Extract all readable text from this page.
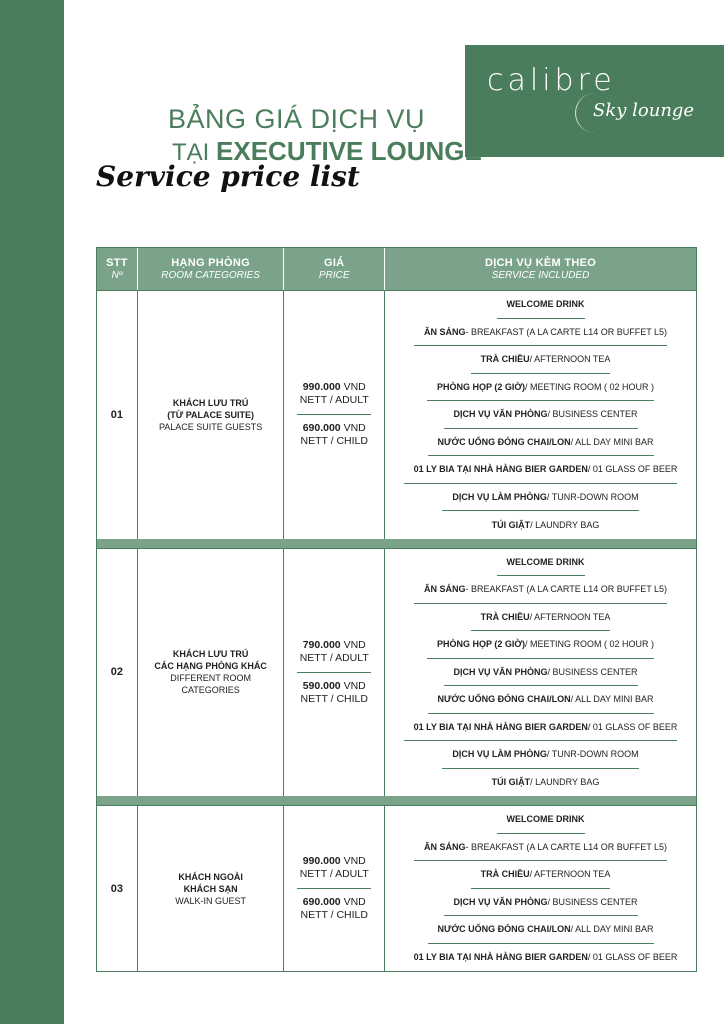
calibre
Sky lounge
BẢNG GIÁ DỊCH VỤ
TẠI EXECUTIVE LOUNGE
Service price list
STT
Nº
HẠNG PHÒNG
ROOM CATEGORIES
GIÁ
PRICE
DỊCH VỤ KÈM THEO
SERVICE INCLUDED
01
KHÁCH LƯU TRÚ
(TỪ PALACE SUITE)
PALACE SUITE GUESTS
990.000 VND
NETT / ADULT
690.000 VND
NETT / CHILD
WELCOME DRINK
ĂN SÁNG - BREAKFAST (A LA CARTE L14 OR BUFFET L5)
TRÀ CHIỀU / AFTERNOON TEA
PHÒNG HỌP (2 GIỜ) / MEETING ROOM ( 02 HOUR )
DỊCH VỤ VĂN PHÒNG / BUSINESS CENTER
NƯỚC UỐNG ĐÓNG CHAI/LON / ALL DAY MINI BAR
01 LY BIA TẠI NHÀ HÀNG BIER GARDEN / 01 GLASS OF BEER
DỊCH VỤ LÀM PHÒNG / TUNR-DOWN ROOM
TÚI GIẶT / LAUNDRY BAG
02
KHÁCH LƯU TRÚ
CÁC HẠNG PHÒNG KHÁC
DIFFERENT ROOM
CATEGORIES
790.000 VND
NETT / ADULT
590.000 VND
NETT / CHILD
WELCOME DRINK
ĂN SÁNG - BREAKFAST (A LA CARTE L14 OR BUFFET L5)
TRÀ CHIỀU / AFTERNOON TEA
PHÒNG HỌP (2 GIỜ) / MEETING ROOM ( 02 HOUR )
DỊCH VỤ VĂN PHÒNG / BUSINESS CENTER
NƯỚC UỐNG ĐÓNG CHAI/LON / ALL DAY MINI BAR
01 LY BIA TẠI NHÀ HÀNG BIER GARDEN / 01 GLASS OF BEER
DỊCH VỤ LÀM PHÒNG / TUNR-DOWN ROOM
TÚI GIẶT / LAUNDRY BAG
03
KHÁCH NGOÀI
KHÁCH SẠN
WALK-IN GUEST
990.000 VND
NETT / ADULT
690.000 VND
NETT / CHILD
WELCOME DRINK
ĂN SÁNG - BREAKFAST (A LA CARTE L14 OR BUFFET L5)
TRÀ CHIỀU / AFTERNOON TEA
DỊCH VỤ VĂN PHÒNG / BUSINESS CENTER
NƯỚC UỐNG ĐÓNG CHAI/LON / ALL DAY MINI BAR
01 LY BIA TẠI NHÀ HÀNG BIER GARDEN / 01 GLASS OF BEER
